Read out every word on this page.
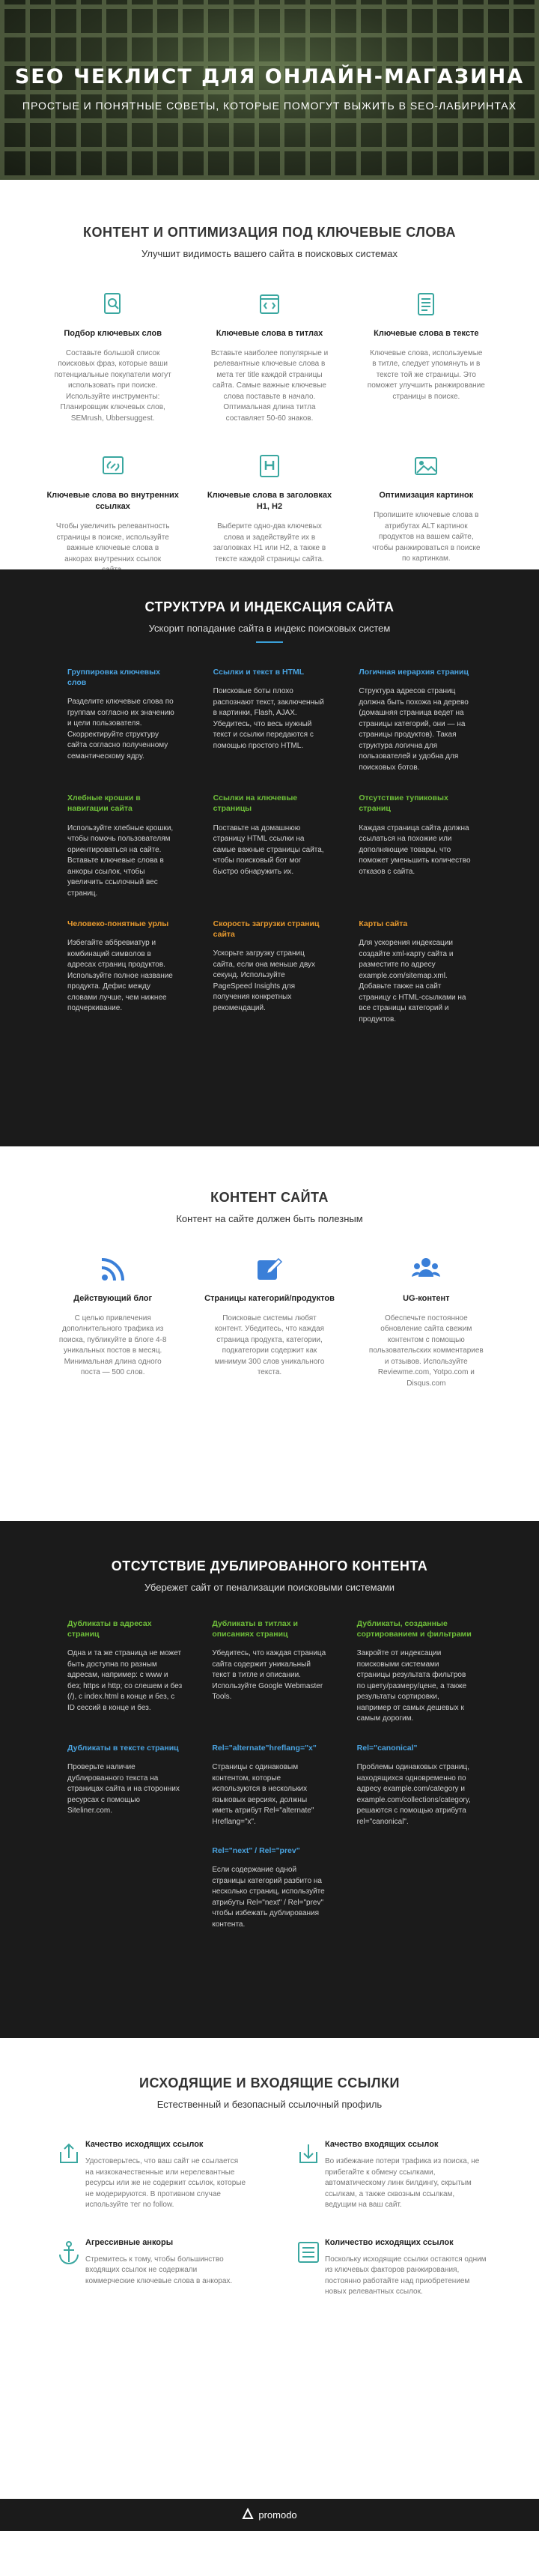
SEO ЧЕКЛИСТ ДЛЯ ОНЛАЙН-МАГАЗИНА

ПРОСТЫЕ И ПОНЯТНЫЕ СОВЕТЫ, КОТОРЫЕ ПОМОГУТ ВЫЖИТЬ В SEO-ЛАБИРИНТАХ

КОНТЕНТ И ОПТИМИЗАЦИЯ ПОД КЛЮЧЕВЫЕ СЛОВА
Улучшит видимость вашего сайта в поисковых системах
Подбор ключевых слов

Составьте большой список поисковых фраз, которые ваши потенциальные покупатели могут использовать при поиске. Используйте инструменты: Планировщик ключевых слов, SEMrush, Ubbersuggest.

Ключевые слова в титлах

Вставьте наиболее популярные и релевантные ключевые слова в мета тег title каждой страницы сайта. Самые важные ключевые слова поставьте в начало. Оптимальная длина титла составляет 50-60 знаков.

Ключевые слова в тексте

Ключевые слова, используемые в титле, следует упомянуть и в тексте той же страницы. Это поможет улучшить ранжирование страницы в поиске.

Ключевые слова во внутренних ссылках

Чтобы увеличить релевантность страницы в поиске, используйте важные ключевые слова в анкорах внутренних ссылок

Ключевые слова в заголовках H1, H2

Выберите одно-два ключевых слова и задействуйте их в заголовках H1 или H2, а также в тексте каждой страницы сайта.

Оптимизация картинок

Пропишите ключевые слова в атрибутах ALT картинок продуктов на вашем сайте, чтобы ранжироваться в поиске по картинкам.

СТРУКТУРА И ИНДЕКСАЦИЯ САЙТА
Ускорит попадание сайта в индекс поисковых систем
Группировка ключевых слов

Разделите ключевые слова по группам согласно их значению и цели пользователя. Скорректируйте структуру сайта согласно полученному семантическому ядру.

Ссылки и текст в HTML

Поисковые боты плохо распознают текст, заключенный в картинки, Flash, AJAX. Убедитесь, что весь нужный текст и ссылки передаются с помощью простого HTML.

Логичная иерархия страниц

Структура адресов страниц должна быть похожа на дерево (домашняя страница ведет на страницы категорий, они — на страницы продуктов). Такая структура логична для пользователей и удобна для поисковых ботов.

Хлебные крошки в навигации сайта

Используйте хлебные крошки, чтобы помочь пользователям ориентироваться на сайте. Вставьте ключевые слова в анкоры ссылок, чтобы увеличить ссылочный вес страниц.

Ссылки на ключевые страницы

Поставьте на домашнюю страницу HTML ссылки на самые важные страницы сайта, чтобы поисковый бот мог быстро обнаружить их.

Отсутствие тупиковых страниц

Каждая страница сайта должна ссылаться на похожие или дополняющие товары, что поможет уменьшить количество отказов с сайта.

Человеко-понятные урлы

Избегайте аббревиатур и комбинаций символов в адресах страниц продуктов. Используйте полное название продукта. Дефис между словами лучше, чем нижнее подчеркивание.

Скорость загрузки страниц сайта

Ускорьте загрузку страниц сайта, если она меньше двух секунд. Используйте PageSpeed Insights для получения конкретных рекомендаций.

Карты сайта

Для ускорения индексации создайте xml-карту сайта и разместите по адресу example.com/sitemap.xml. Добавьте также на сайт страницу с HTML-ссылками на все страницы категорий и продуктов.

КОНТЕНТ САЙТА
Контент на сайте должен быть полезным
Действующий блог

С целью привлечения дополнительного трафика из поиска, публикуйте в блоге 4-8 уникальных постов в месяц. Минимальная длина одного поста — 500 слов.

Страницы категорий/продуктов

Поисковые системы любят контент. Убедитесь, что каждая страница продукта, категории, подкатегории содержит как минимум 300 слов уникального текста.

UG-контент

Обеспечьте постоянное обновление сайта свежим контентом с помощью пользовательских комментариев и отзывов. Используйте Reviewme.com, Yotpo.com и Disqus.com

ОТСУТСТВИЕ ДУБЛИРОВАННОГО КОНТЕНТА
Убережет сайт от пенализации поисковыми системами
Дубликаты в адресах страниц

Одна и та же страница не может быть доступна по разным адресам, например: с www и без; https и http; со слешем и без (/), с index.html в конце и без, с ID сессий в конце и без.

Дубликаты в титлах и описаниях страниц

Убедитесь, что каждая страница сайта содержит уникальный текст в титле и описании. Используйте Google Webmaster Tools.

Дубликаты, созданные сортированием и фильтрами

Закройте от индексации поисковыми системами страницы результата фильтров по цвету/размеру/цене, а также результаты сортировки, например от самых дешевых к самым дорогим.

Дубликаты в тексте страниц

Проверьте наличие дублированного текста на страницах сайта и на сторонних ресурсах с помощью Siteliner.com.

Rel="alternate"hreflang="x"

Страницы с одинаковым контентом, которые используются в нескольких языковых версиях, должны иметь атрибут Rel="alternate" Hreflang="x".

Rel="canonical"

Проблемы одинаковых страниц, находящихся одновременно по адресу example.com/category и example.com/collections/category, решаются с помощью атрибута rel="canonical".

Rel="next" / Rel="prev"

Если содержание одной страницы категорий разбито на несколько страниц, используйте атрибуты Rel="next" / Rel="prev" чтобы избежать дублирования контента.

ИСХОДЯЩИЕ И ВХОДЯЩИЕ ССЫЛКИ
Естественный и безопасный ссылочный профиль
Качество исходящих ссылок

Удостоверьтесь, что ваш сайт не ссылается на низкокачественные или нерелевантные ресурсы или же не содержит ссылок, которые не модерируются. В противном случае используйте тег no follow.

Качество входящих ссылок

Во избежание потери трафика из поиска, не прибегайте к обмену ссылками, автоматическому линк билдингу, скрытым ссылкам, а также сквозным ссылкам, ведущим на ваш сайт.

Агрессивные анкоры

Стремитесь к тому, чтобы большинство входящих ссылок не содержали коммерческие ключевые слова в анкорах.

Количество исходящих ссылок

Поскольку исходящие ссылки остаются одним из ключевых факторов ранжирования, постоянно работайте над приобретением новых релевантных ссылок.

promodo
